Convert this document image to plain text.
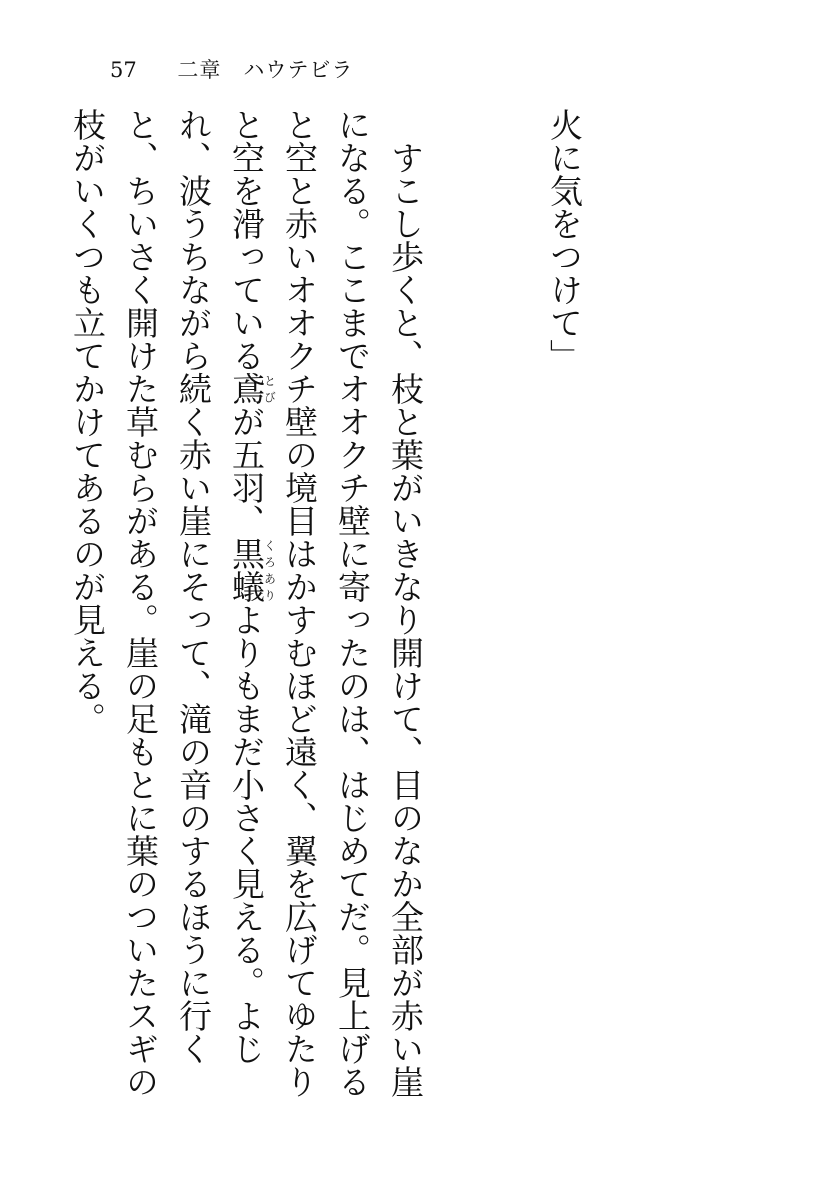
57 二章　ハウテビラ

火に気をつけて」

すこし歩くと、枝と葉がいきなり開けて、目のなか全部が赤い崖になる。ここまでオオクチ壁に寄ったのは、はじめてだ。見上げると空と赤いオオクチ壁の境目はかすむほど遠く、翼を広げてゆたりと空を滑っている鳶とびが五羽、黒蟻くろありよりもまだ小さく見える。よじれ、波うちながら続く赤い崖にそって、滝の音のするほうに行くと、ちいさく開けた草むらがある。崖の足もとに葉のついたスギの枝がいくつも立てかけてあるのが見える。
